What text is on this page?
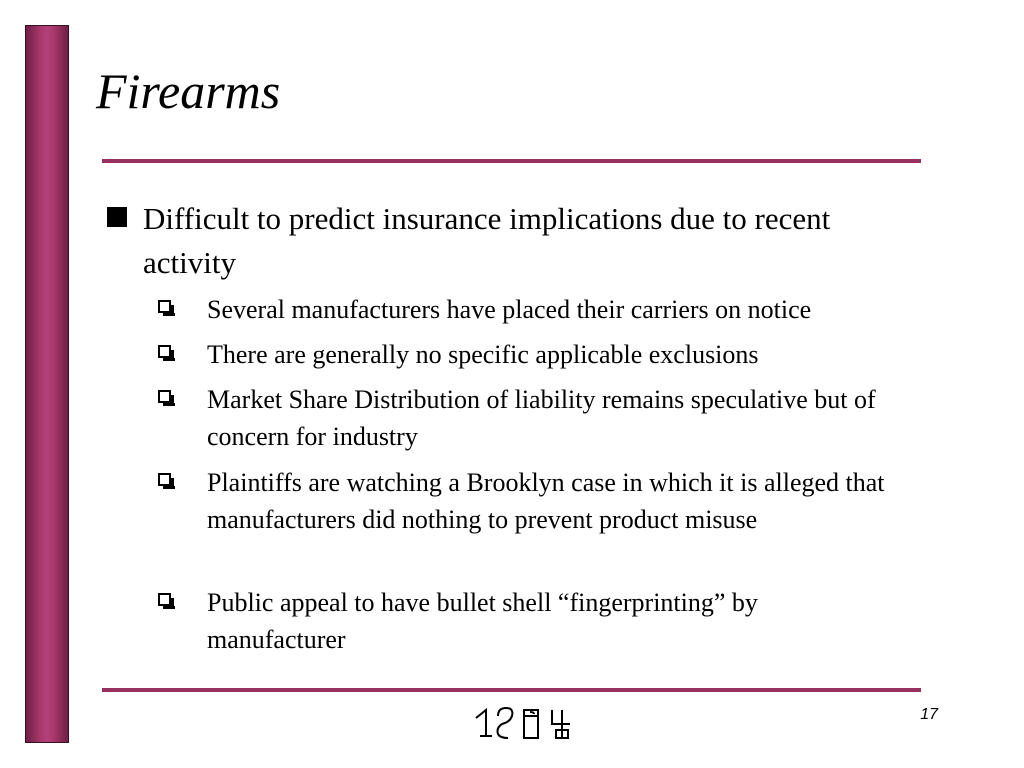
Firearms
Difficult to predict insurance implications due to recent activity
Several manufacturers have placed their carriers on notice
There are generally no specific applicable exclusions
Market Share Distribution of liability remains speculative but of concern for industry
Plaintiffs are watching a Brooklyn case in which it is alleged that manufacturers did nothing to prevent product misuse
Public appeal to have bullet shell “fingerprinting” by manufacturer
17
